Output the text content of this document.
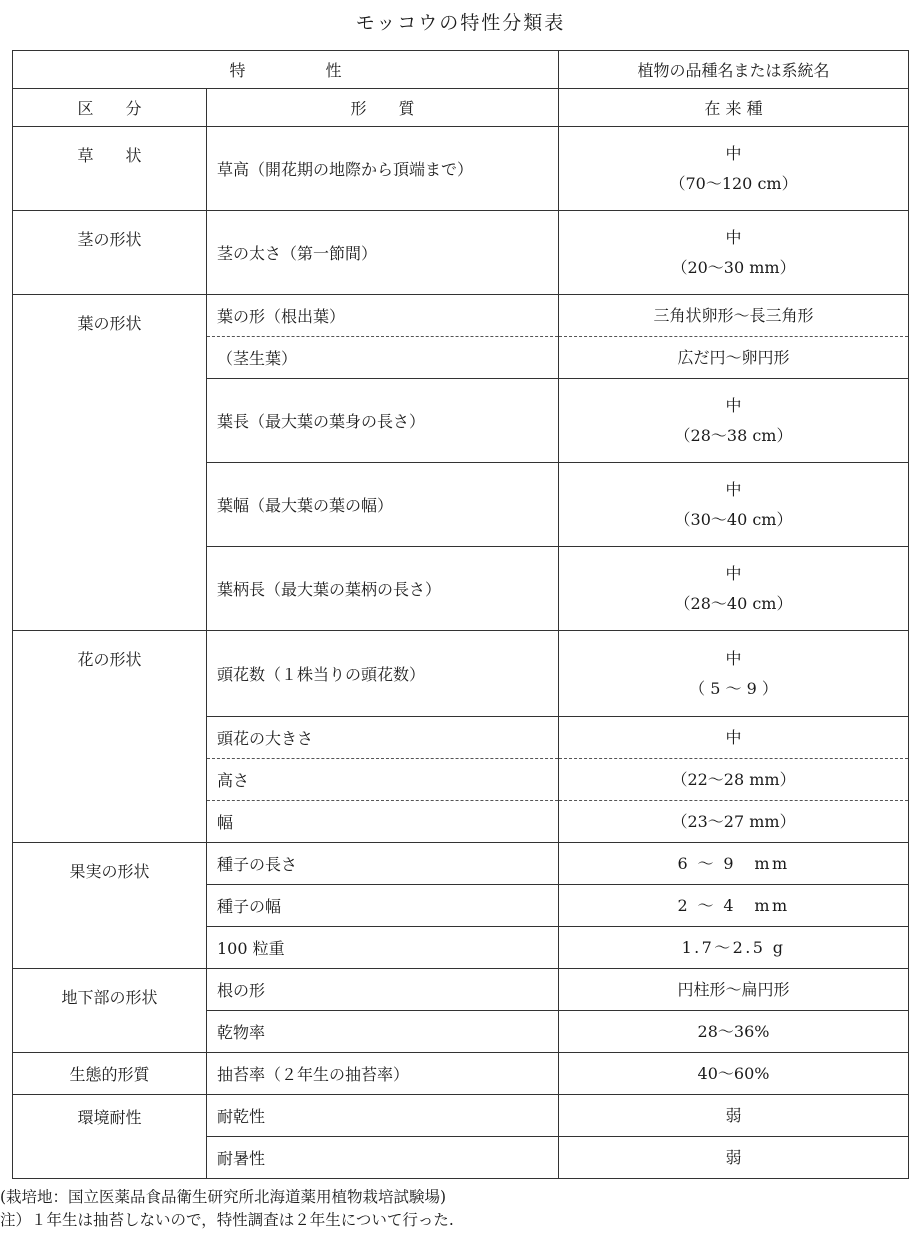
モッコウの特性分類表
特　　　　　性		植物の品種名または系統名
区　　分	形　　質	在 来 種
草　　状	草高（開花期の地際から頂端まで）	中
（70～120 cm）

茎の形状	茎の太さ（第一節間）	中
（20～30 mm）

葉の形状	葉の形（根出葉）	三角状卵形～長三角形
	（茎生葉）	広だ円～卵円形
	葉長（最大葉の葉身の長さ）	中
（28～38 cm）

	葉幅（最大葉の葉の幅）	中
（30～40 cm）

	葉柄長（最大葉の葉柄の長さ）	中
（28～40 cm）

花の形状	頭花数（１株当りの頭花数）	中
（ 5 ～ 9 ）

	頭花の大きさ	中
	高さ	（22～28 mm）
	幅	（23～27 mm）
果実の形状	種子の長さ	6 ～ 9　mm
	種子の幅	2 ～ 4　mm
	100 粒重	1.7～2.5 g
地下部の形状	根の形	円柱形～扁円形
	乾物率	28～36%
生態的形質	抽苔率（２年生の抽苔率）	40～60%
環境耐性	耐乾性	弱
	耐暑性	弱
(栽培地：国立医薬品食品衛生研究所北海道薬用植物栽培試験場)
注）１年生は抽苔しないので，特性調査は２年生について行った.
